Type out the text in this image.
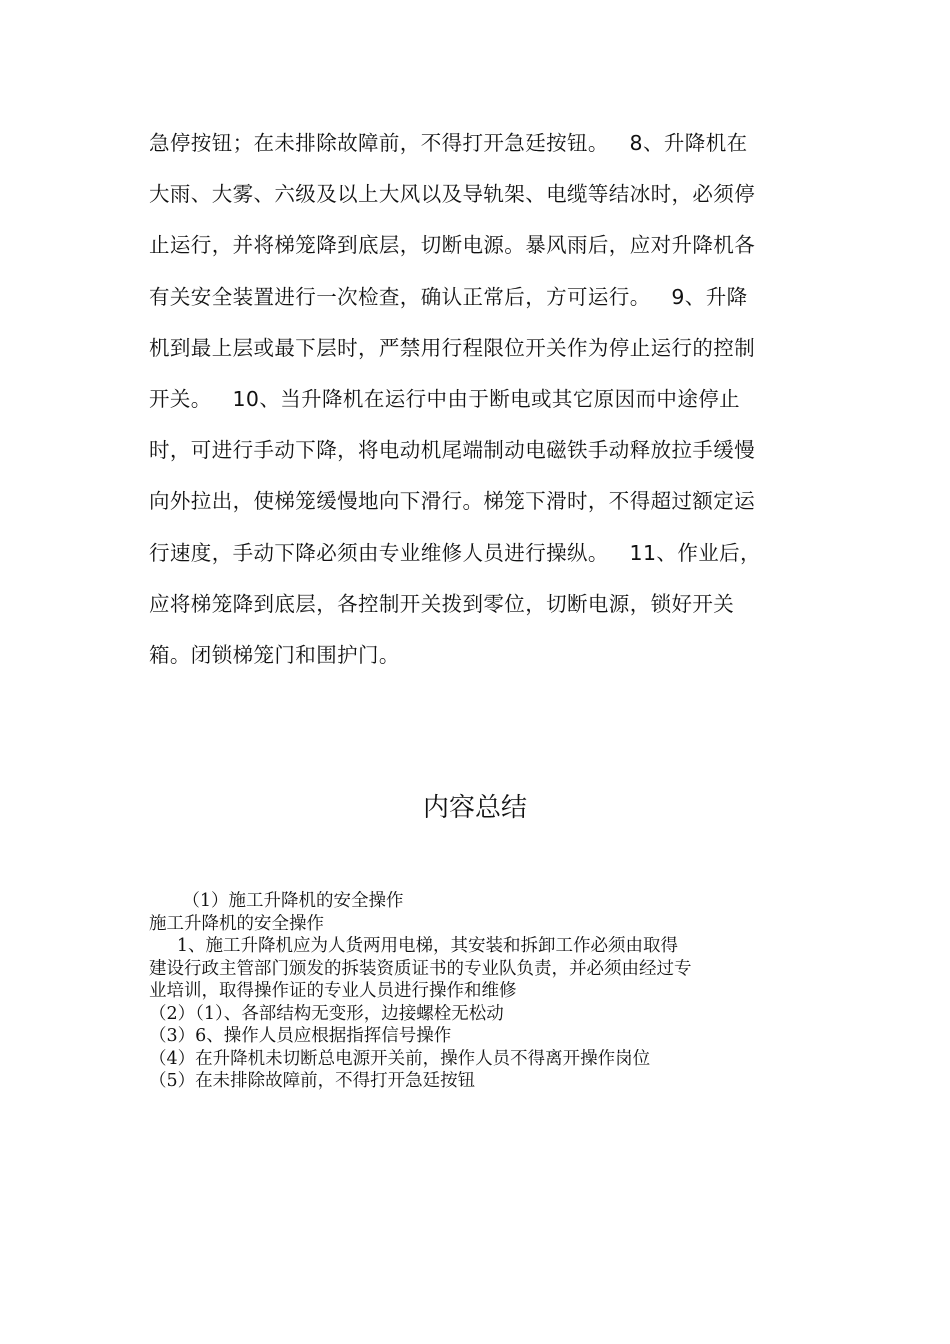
急停按钮；在未排除故障前，不得打开急廷按钮。   8、升降机在
大雨、大雾、六级及以上大风以及导轨架、电缆等结冰时，必须停
止运行，并将梯笼降到底层，切断电源。暴风雨后，应对升降机各
有关安全装置进行一次检查，确认正常后，方可运行。   9、升降
机到最上层或最下层时，严禁用行程限位开关作为停止运行的控制
开关。   10、当升降机在运行中由于断电或其它原因而中途停止
时，可进行手动下降，将电动机尾端制动电磁铁手动释放拉手缓慢
向外拉出，使梯笼缓慢地向下滑行。梯笼下滑时，不得超过额定运
行速度，手动下降必须由专业维修人员进行操纵。   11、作业后，
应将梯笼降到底层，各控制开关拨到零位，切断电源，锁好开关
箱。闭锁梯笼门和围护门。
内容总结
（1）施工升降机的安全操作
施工升降机的安全操作
1、施工升降机应为人货两用电梯，其安装和拆卸工作必须由取得
建设行政主管部门颁发的拆装资质证书的专业队负责，并必须由经过专
业培训，取得操作证的专业人员进行操作和维修
（2）（1）、各部结构无变形，边接螺栓无松动
（3）6、操作人员应根据指挥信号操作
（4）在升降机未切断总电源开关前，操作人员不得离开操作岗位
（5）在未排除故障前，不得打开急廷按钮
